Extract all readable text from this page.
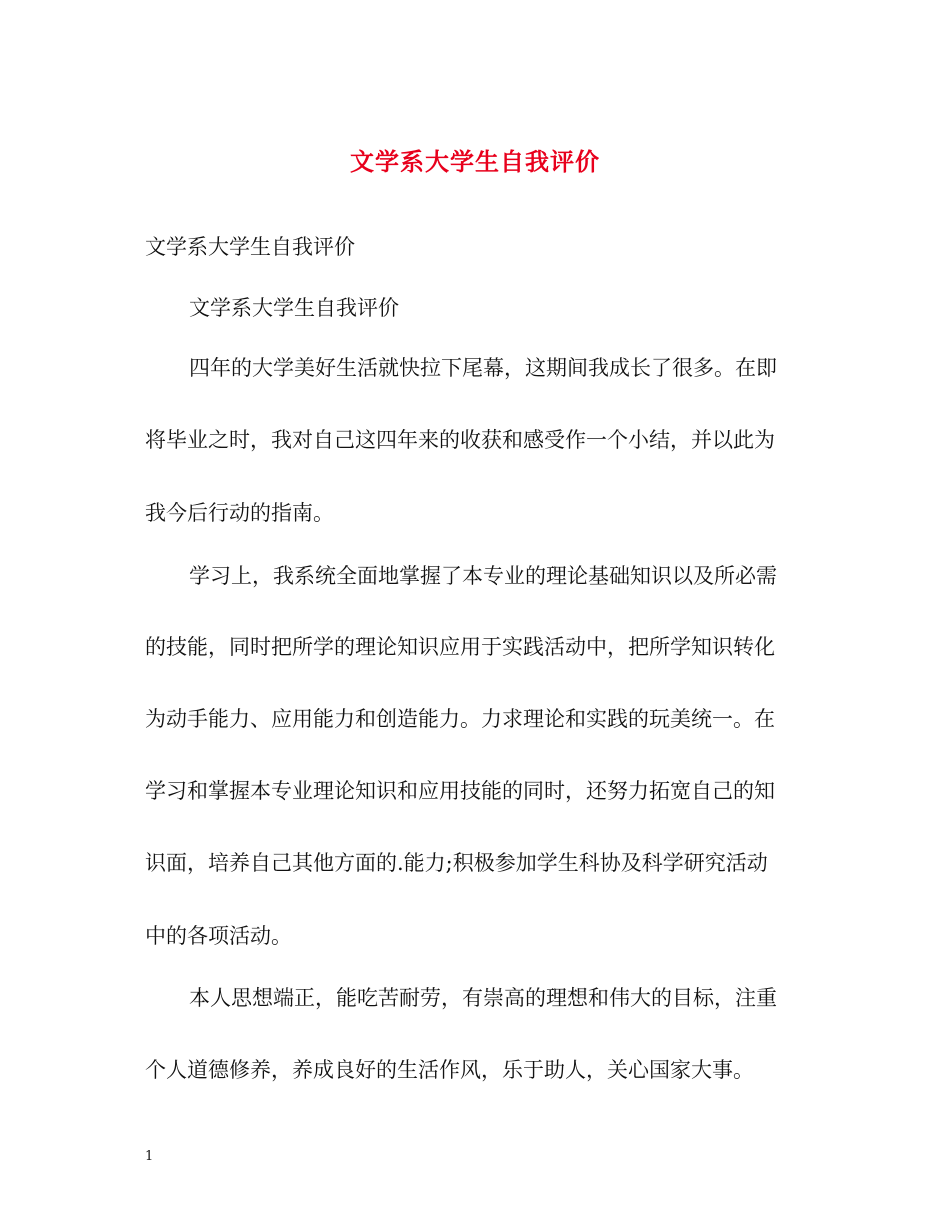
文学系大学生自我评价
文学系大学生自我评价
文学系大学生自我评价
四年的大学美好生活就快拉下尾幕，这期间我成长了很多。在即
将毕业之时，我对自己这四年来的收获和感受作一个小结，并以此为
我今后行动的指南。
学习上，我系统全面地掌握了本专业的理论基础知识以及所必需
的技能，同时把所学的理论知识应用于实践活动中，把所学知识转化
为动手能力、应用能力和创造能力。力求理论和实践的玩美统一。在
学习和掌握本专业理论知识和应用技能的同时，还努力拓宽自己的知
识面，培养自己其他方面的.能力;积极参加学生科协及科学研究活动
中的各项活动。
本人思想端正，能吃苦耐劳，有崇高的理想和伟大的目标，注重
个人道德修养，养成良好的生活作风，乐于助人，关心国家大事。
1
